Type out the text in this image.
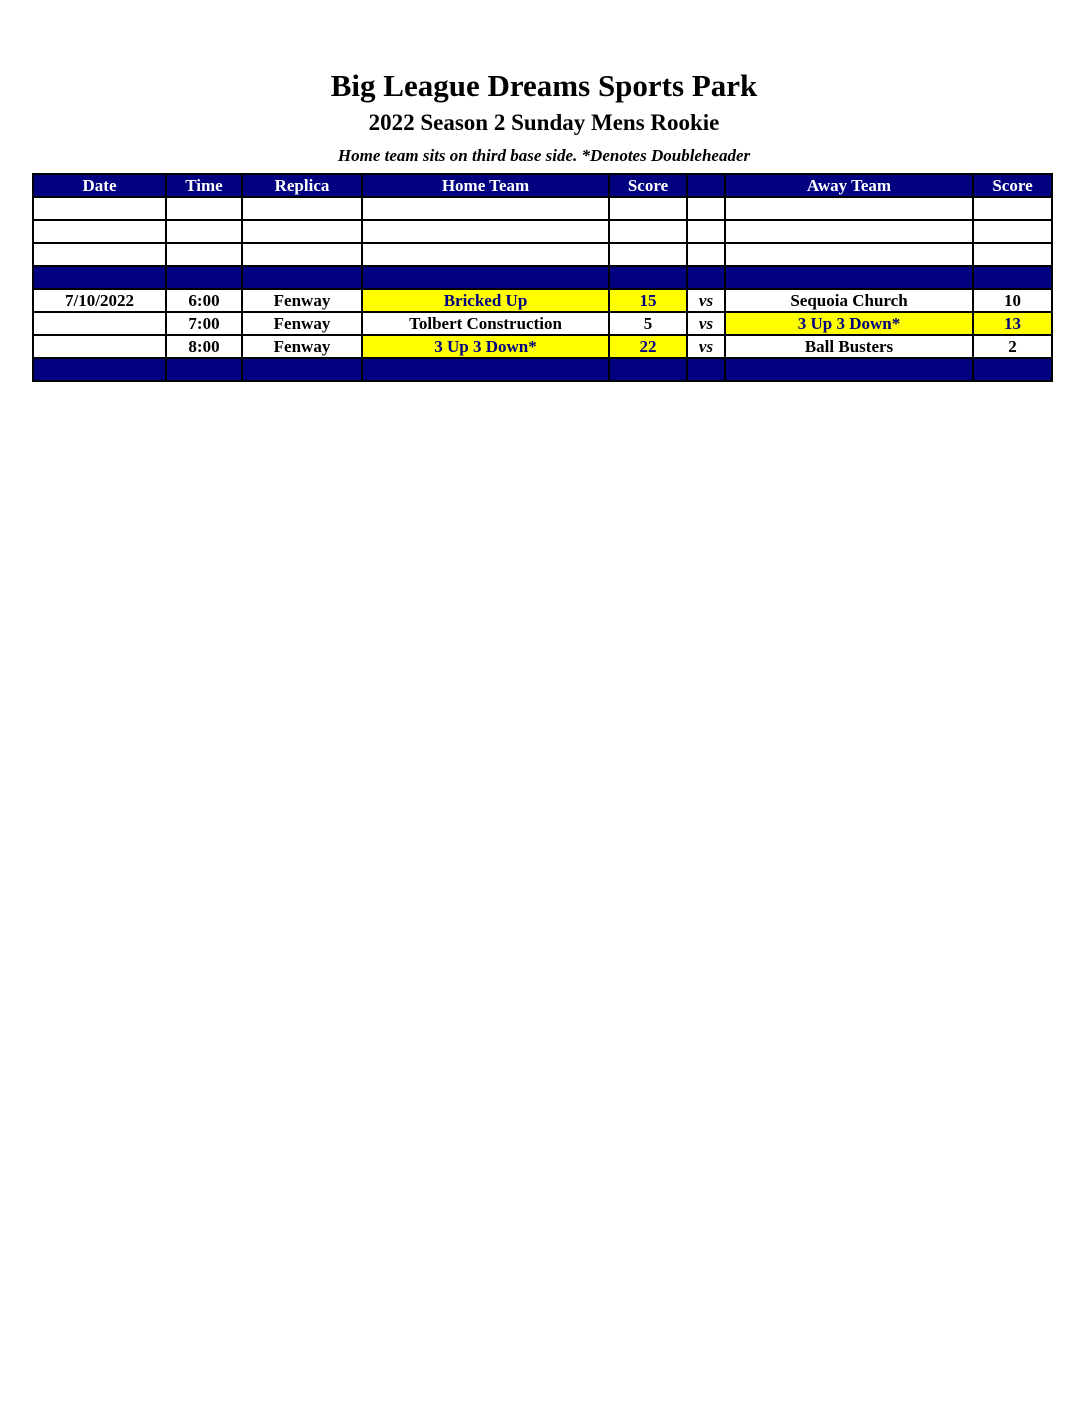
Big League Dreams Sports Park
2022 Season 2 Sunday Mens Rookie
Home team sits on third base side. *Denotes Doubleheader
Date	Time	Replica	Home Team	Score		Away Team	Score

7/10/2022	6:00	Fenway	Bricked Up	15	vs	Sequoia Church	10
	7:00	Fenway	Tolbert Construction	5	vs	3 Up 3 Down*	13
	8:00	Fenway	3 Up 3 Down*	22	vs	Ball Busters	2
